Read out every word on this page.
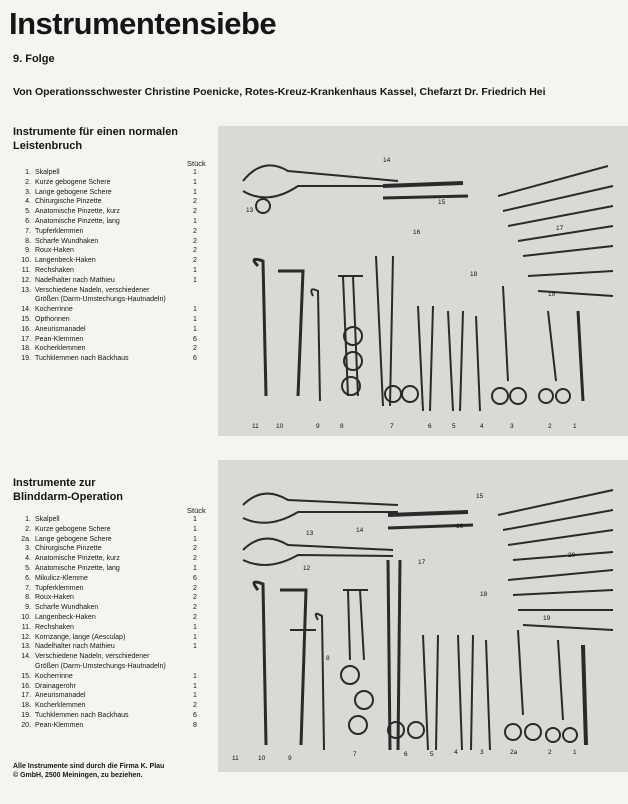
Instrumentensiebe
9. Folge
Von Operationsschwester Christine Poenicke, Rotes-Kreuz-Krankenhaus Kassel, Chefarzt Dr. Friedrich Hei
Instrumente für einen normalen
Leistenbruch
Stück
1. Skalpell	1
2. Kurze gebogene Schere	1
3. Lange gebogene Schere	1
4. Chirurgische Pinzette	2
5. Anatomische Pinzette, kurz	2
6. Anatomische Pinzette, lang	1
7. Tupferklemmen	2
8. Scharfe Wundhaken	2
9. Roux-Haken	2
10. Langenbeck-Haken	2
11. Rechshaken	1
12. Nadelhalter nach Mathieu	1
13. Verschiedene Nadeln, verschiedener
Größen (Darm-Umstechungs-Hautnadeln)
14. Kocherrinne	1
15. Opthonnen	1
16. Aneurismanadel	1
17. Pean-Klemmen	6
18. Kocherklemmen	2
19. Tuchklemmen nach Backhaus	6
Instrumente zur
Blinddarm-Operation
Stück
1. Skalpell	1
2. Kurze gebogene Schere	1
2a. Lange gebogene Schere	1
3. Chirurgische Pinzette	2
4. Anatomische Pinzette, kurz	2
5. Anatomische Pinzette, lang	1
6. Mikulicz-Klemme	6
7. Tupferklemmen	2
8. Roux-Haken	2
9. Scharfe Wundhaken	2
10. Langenbeck-Haken	2
11. Rechshaken	1
12. Kornzange, lange (Aesculap)	1
13. Nadelhalter nach Mathieu	1
14. Verschiedene Nadeln, verschiedener
Größen (Darm-Umstechungs-Hautnadeln)
15. Kocherrinne	1
16. Drainagerohr	1
17. Aneurismanadel	1
18. Kocherklemmen	2
19. Tuchklemmen nach Backhaus	6
20. Pean-Klemmen	8
Alle Instrumente sind durch die Firma K. Plau
© GmbH, 2500 Meiningen, zu beziehen.
14
15
13
16
17
18
19
11	10	9	8	7	6	5	4	3	2	1
13	14
15
16
12
17
18
19
20
11	10	9
8
7	6	5	4	3	2a	2	1
